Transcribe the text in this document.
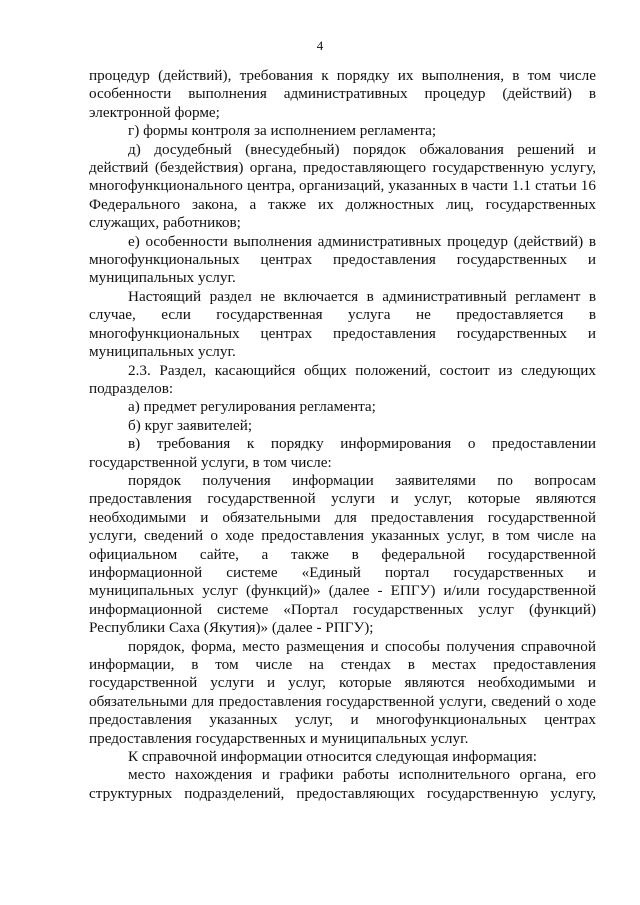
4

процедур (действий), требования к порядку их выполнения, в том числе особенности выполнения административных процедур (действий) в электронной форме;

г) формы контроля за исполнением регламента;

д) досудебный (внесудебный) порядок обжалования решений и действий (бездействия) органа, предоставляющего государственную услугу, многофункционального центра, организаций, указанных в части 1.1 статьи 16 Федерального закона, а также их должностных лиц, государственных служащих, работников;

е) особенности выполнения административных процедур (действий) в многофункциональных центрах предоставления государственных и муниципальных услуг.

Настоящий раздел не включается в административный регламент в случае, если государственная услуга не предоставляется в многофункциональных центрах предоставления государственных и муниципальных услуг.

2.3. Раздел, касающийся общих положений, состоит из следующих подразделов:

а) предмет регулирования регламента;

б) круг заявителей;

в) требования к порядку информирования о предоставлении государственной услуги, в том числе:

порядок получения информации заявителями по вопросам предоставления государственной услуги и услуг, которые являются необходимыми и обязательными для предоставления государственной услуги, сведений о ходе предоставления указанных услуг, в том числе на официальном сайте, а также в федеральной государственной информационной системе «Единый портал государственных и муниципальных услуг (функций)» (далее - ЕПГУ) и/или государственной информационной системе «Портал государственных услуг (функций) Республики Саха (Якутия)» (далее - РПГУ);

порядок, форма, место размещения и способы получения справочной информации, в том числе на стендах в местах предоставления государственной услуги и услуг, которые являются необходимыми и обязательными для предоставления государственной услуги, сведений о ходе предоставления указанных услуг, и многофункциональных центрах предоставления государственных и муниципальных услуг.

К справочной информации относится следующая информация:

место нахождения и графики работы исполнительного органа, его структурных подразделений, предоставляющих государственную услугу,
